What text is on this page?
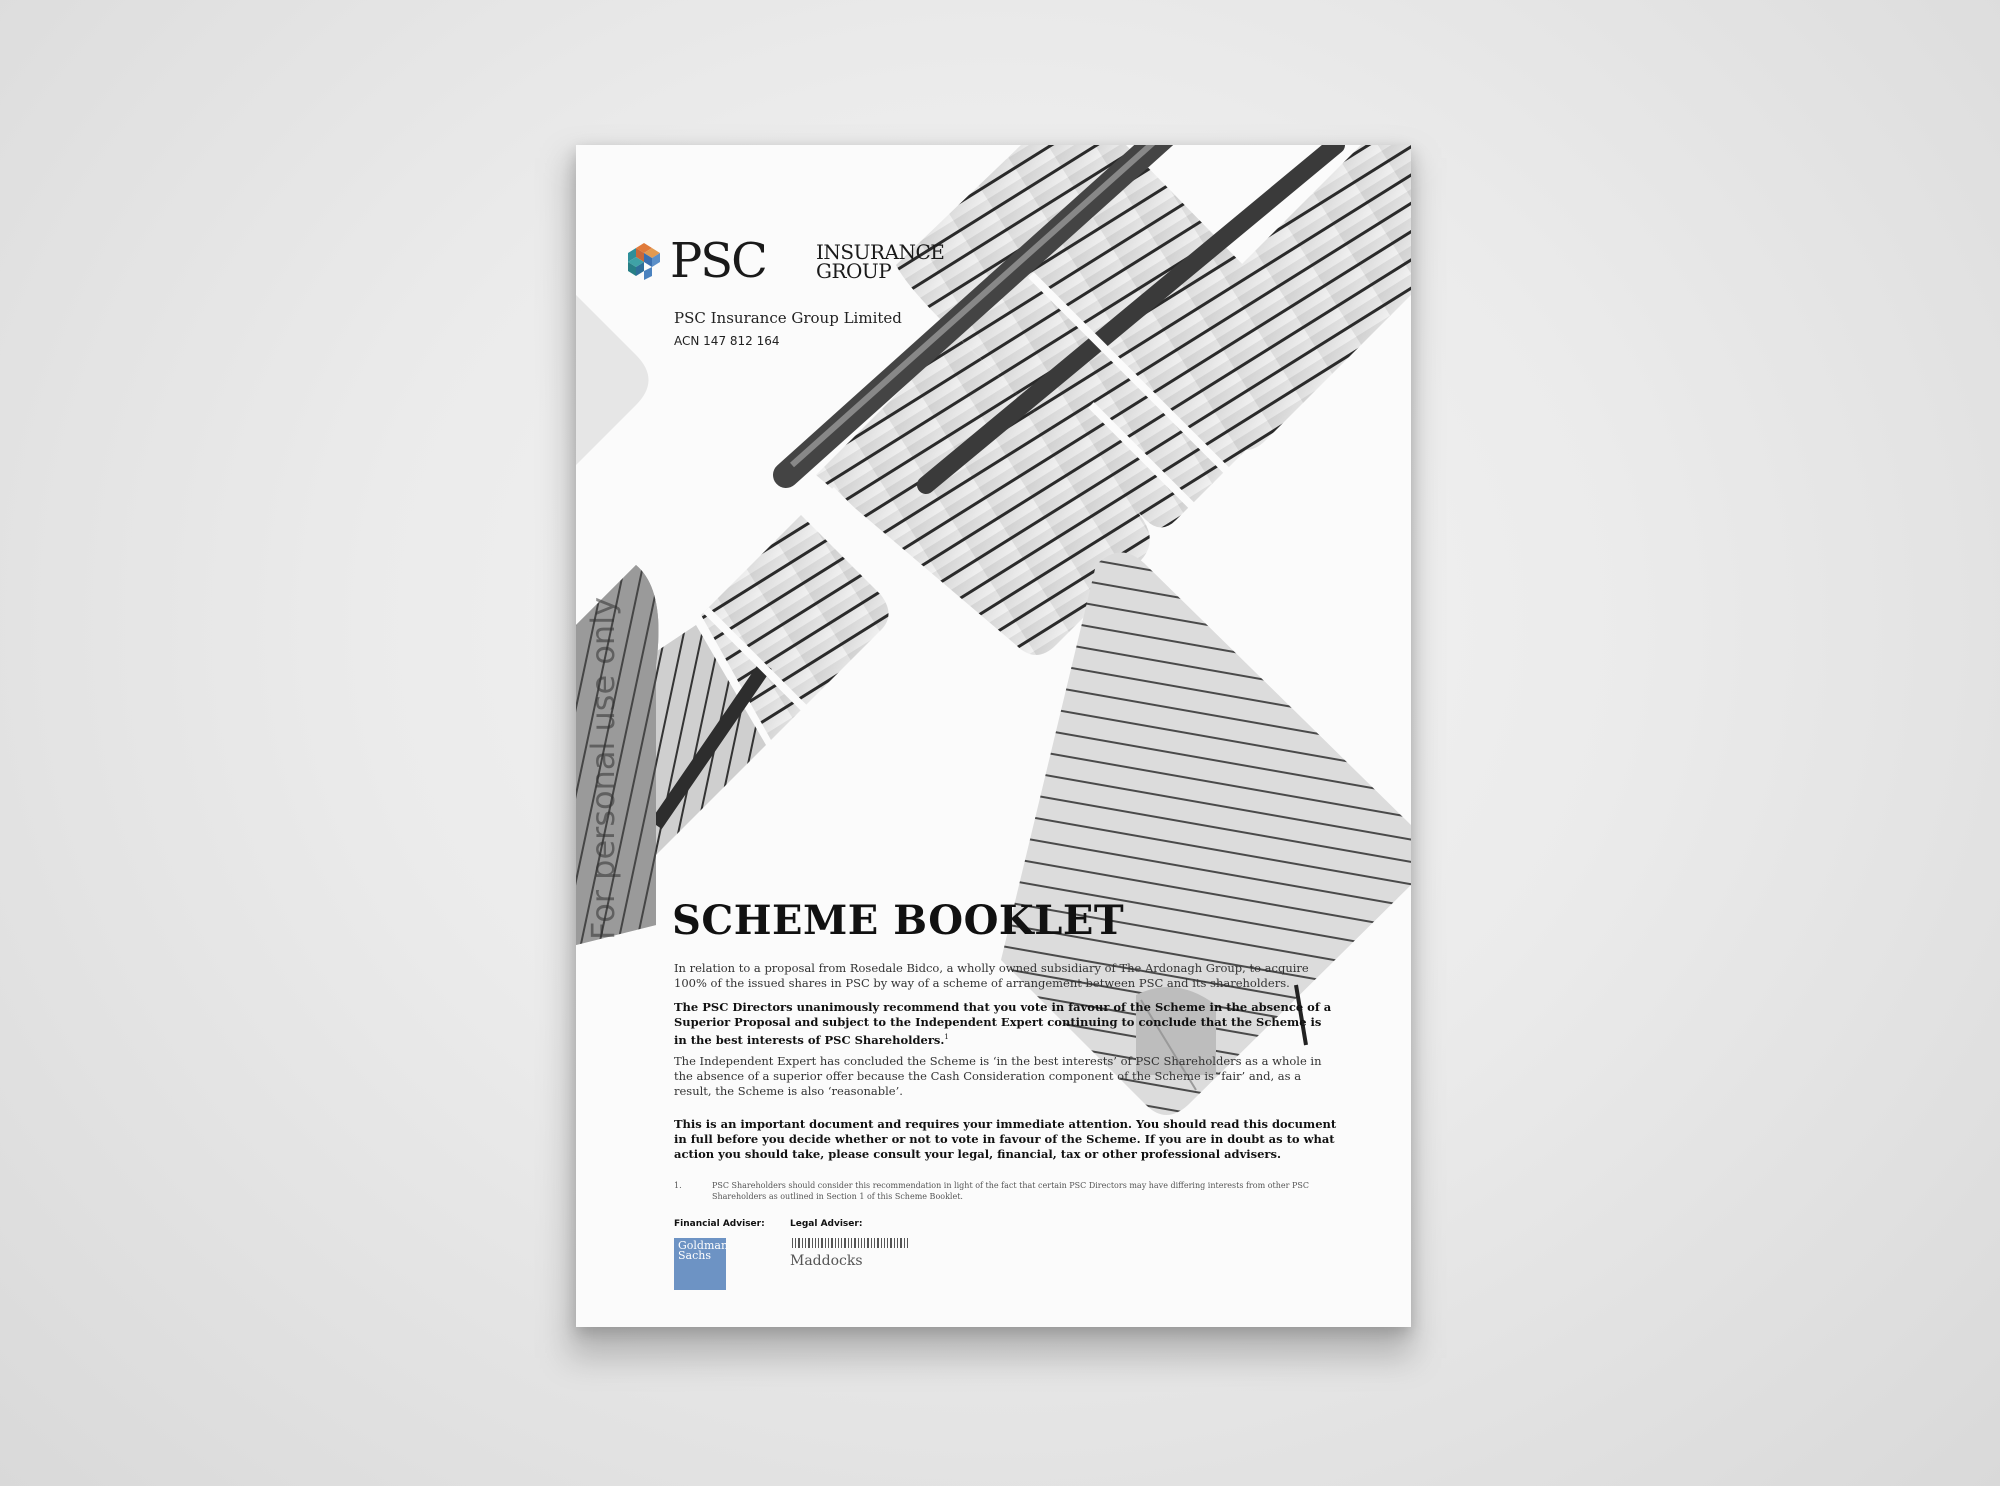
PSC	INSURANCE
GROUP
PSC Insurance Group Limited
ACN 147 812 164
For personal use only SCHEME BOOKLET
In relation to a proposal from Rosedale Bidco, a wholly owned subsidiary of The Ardonagh Group, to acquire 100% of the issued shares in PSC by way of a scheme of arrangement between PSC and its shareholders.
The PSC Directors unanimously recommend that you vote in favour of the Scheme in the absence of a Superior Proposal and subject to the Independent Expert continuing to conclude that the Scheme is in the best interests of PSC Shareholders.$^1$
The Independent Expert has concluded the Scheme is ‘in the best interests’ of PSC Shareholders as a whole in the absence of a superior offer because the Cash Consideration component of the Scheme is ‘fair’ and, as a result, the Scheme is also ‘reasonable’.
This is an important document and requires your immediate attention. You should read this document in full before you decide whether or not to vote in favour of the Scheme. If you are in doubt as to what action you should take, please consult your legal, financial, tax or other professional advisers.
1.	PSC Shareholders should consider this recommendation in light of the fact that certain PSC Directors may have differing interests from other PSC Shareholders as outlined in Section 1 of this Scheme Booklet.
Financial Adviser:	Legal Adviser:
Goldman Sachs	Maddocks
